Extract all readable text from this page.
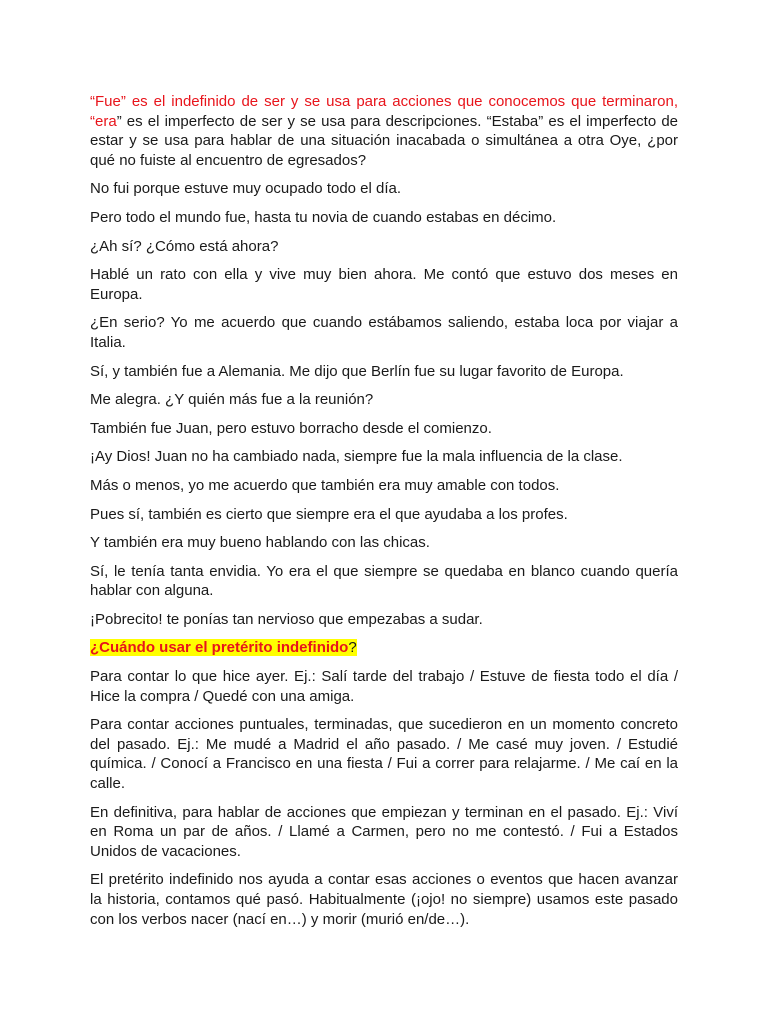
“Fue” es el indefinido de ser y se usa para acciones que conocemos que terminaron, “era” es el imperfecto de ser y se usa para descripciones. “Estaba” es el imperfecto de estar y se usa para hablar de una situación inacabada o simultánea a otra Oye, ¿por qué no fuiste al encuentro de egresados?

No fui porque estuve muy ocupado todo el día.

Pero todo el mundo fue, hasta tu novia de cuando estabas en décimo.

¿Ah sí? ¿Cómo está ahora?

Hablé un rato con ella y vive muy bien ahora. Me contó que estuvo dos meses en Europa.

¿En serio? Yo me acuerdo que cuando estábamos saliendo, estaba loca por viajar a Italia.

Sí, y también fue a Alemania. Me dijo que Berlín fue su lugar favorito de Europa.

Me alegra. ¿Y quién más fue a la reunión?

También fue Juan, pero estuvo borracho desde el comienzo.

¡Ay Dios! Juan no ha cambiado nada, siempre fue la mala influencia de la clase.

Más o menos, yo me acuerdo que también era muy amable con todos.

Pues sí, también es cierto que siempre era el que ayudaba a los profes.

Y también era muy bueno hablando con las chicas.

Sí, le tenía tanta envidia. Yo era el que siempre se quedaba en blanco cuando quería hablar con alguna.

¡Pobrecito! te ponías tan nervioso que empezabas a sudar.

¿Cuándo usar el pretérito indefinido?

Para contar lo que hice ayer. Ej.: Salí tarde del trabajo / Estuve de fiesta todo el día / Hice la compra / Quedé con una amiga.

Para contar acciones puntuales, terminadas, que sucedieron en un momento concreto del pasado. Ej.: Me mudé a Madrid el año pasado. / Me casé muy joven. / Estudié química. / Conocí a Francisco en una fiesta / Fui a correr para relajarme. / Me caí en la calle.

En definitiva, para hablar de acciones que empiezan y terminan en el pasado. Ej.: Viví en Roma un par de años. / Llamé a Carmen, pero no me contestó. / Fui a Estados Unidos de vacaciones.

El pretérito indefinido nos ayuda a contar esas acciones o eventos que hacen avanzar la historia, contamos qué pasó. Habitualmente (¡ojo! no siempre) usamos este pasado con los verbos nacer (nací en…) y morir (murió en/de…).
